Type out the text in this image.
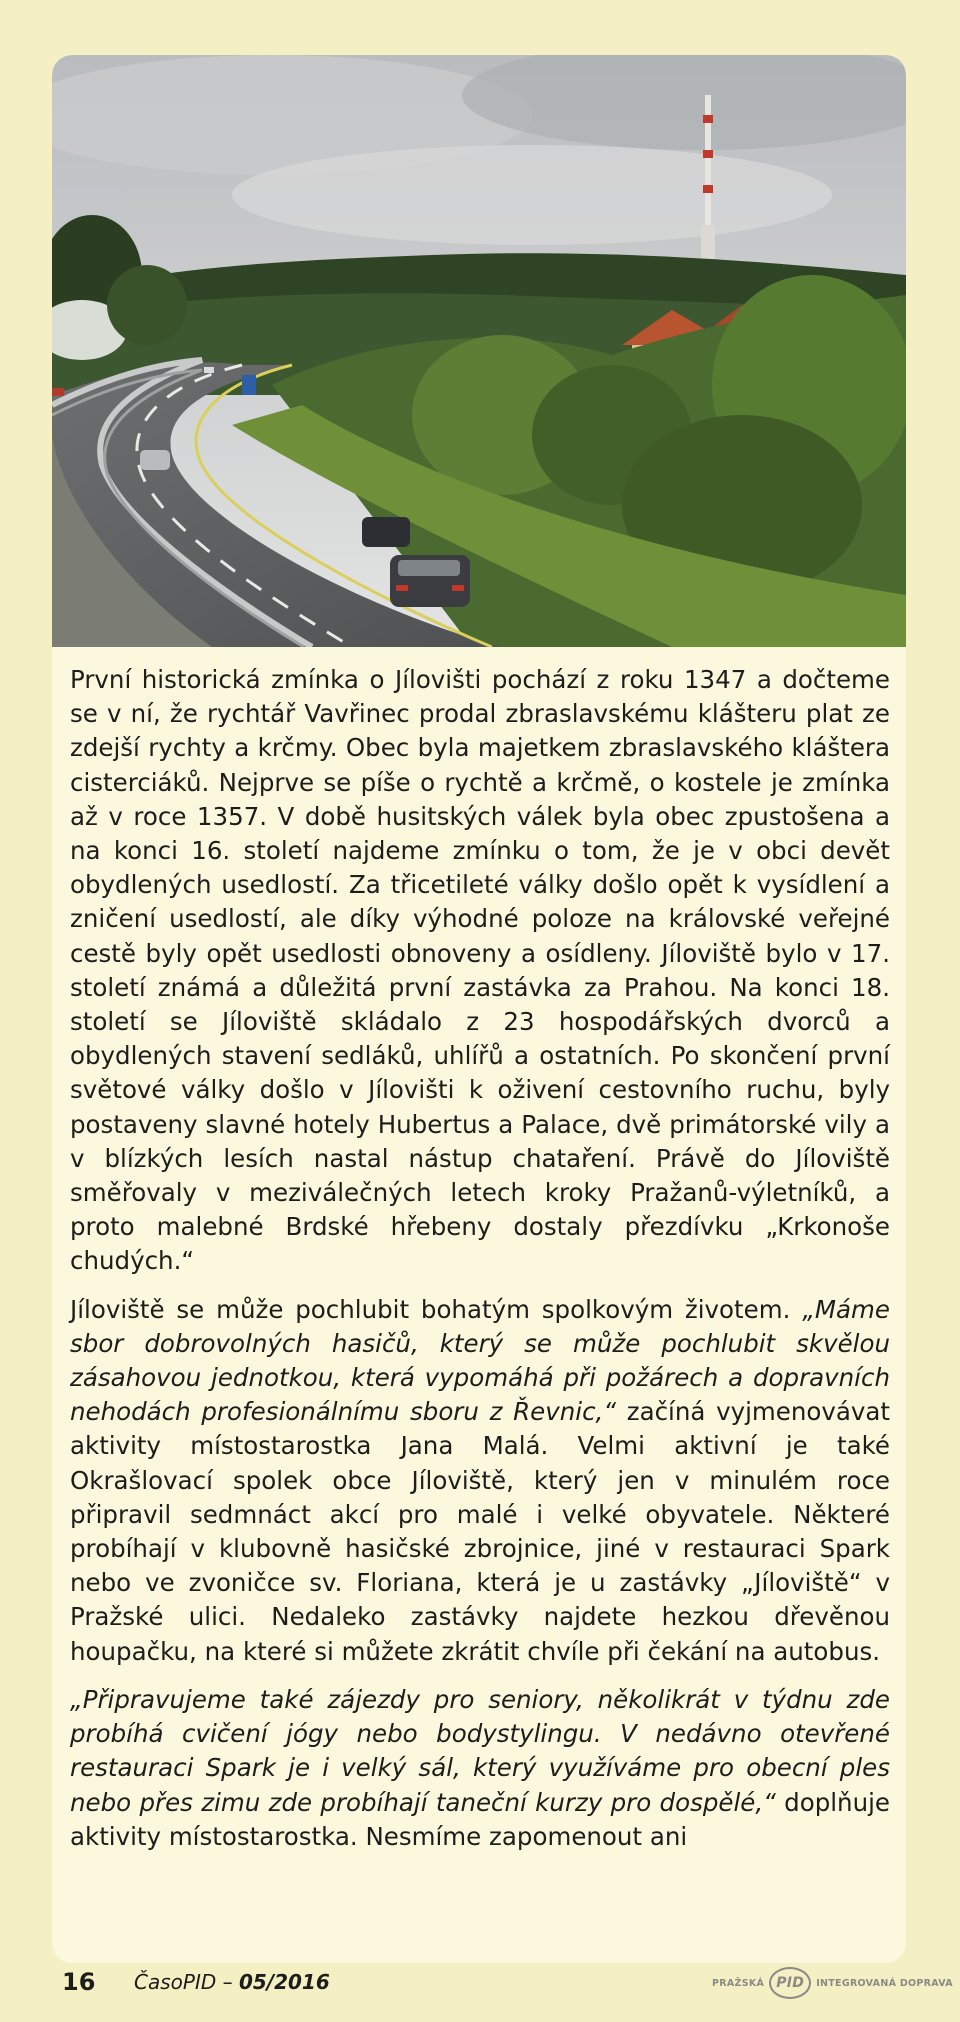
První historická zmínka o Jílovišti pochází z roku 1347 a dočteme se v ní, že rychtář Vavřinec prodal zbraslavskému klášteru plat ze zdejší rychty a krčmy. Obec byla majetkem zbraslavského kláštera cisterciáků. Nejprve se píše o rychtě a krčmě, o kostele je zmínka až v roce 1357. V době husitských válek byla obec zpustošena a na konci 16. století najdeme zmínku o tom, že je v obci devět obydlených usedlostí. Za třicetileté války došlo opět k vysídlení a zničení usedlostí, ale díky výhodné poloze na královské veřejné cestě byly opět usedlosti obnoveny a osídleny. Jíloviště bylo v 17. století známá a důležitá první zastávka za Prahou. Na konci 18. století se Jíloviště skládalo z 23 hospodářských dvorců a obydlených stavení sedláků, uhlířů a ostatních. Po skončení první světové války došlo v Jílovišti k oživení cestovního ruchu, byly postaveny slavné hotely Hubertus a Palace, dvě primátorské vily a v blízkých lesích nastal nástup chataření. Právě do Jíloviště směřovaly v meziválečných letech kroky Pražanů-výletníků, a proto malebné Brdské hřebeny dostaly přezdívku „Krkonoše chudých.“

Jíloviště se může pochlubit bohatým spolkovým životem. „Máme sbor dobrovolných hasičů, který se může pochlubit skvělou zásahovou jednotkou, která vypomáhá při požárech a dopravních nehodách profesionálnímu sboru z Řevnic,“ začíná vyjmenovávat aktivity místostarostka Jana Malá. Velmi aktivní je také Okrašlovací spolek obce Jíloviště, který jen v minulém roce připravil sedmnáct akcí pro malé i velké obyvatele. Některé probíhají v klubovně hasičské zbrojnice, jiné v restauraci Spark nebo ve zvoničce sv. Floriana, která je u zastávky „Jíloviště“ v Pražské ulici. Nedaleko zastávky najdete hezkou dřevěnou houpačku, na které si můžete zkrátit chvíle při čekání na autobus.

„Připravujeme také zájezdy pro seniory, několikrát v týdnu zde probíhá cvičení jógy nebo bodystylingu. V nedávno otevřené restauraci Spark je i velký sál, který využíváme pro obecní ples nebo přes zimu zde probíhají taneční kurzy pro dospělé,“ doplňuje aktivity místostarostka. Nesmíme zapomenout ani

16 ČasoPID – 05/2016	PRAŽSKÁ PID	INTEGROVANÁ DOPRAVA
